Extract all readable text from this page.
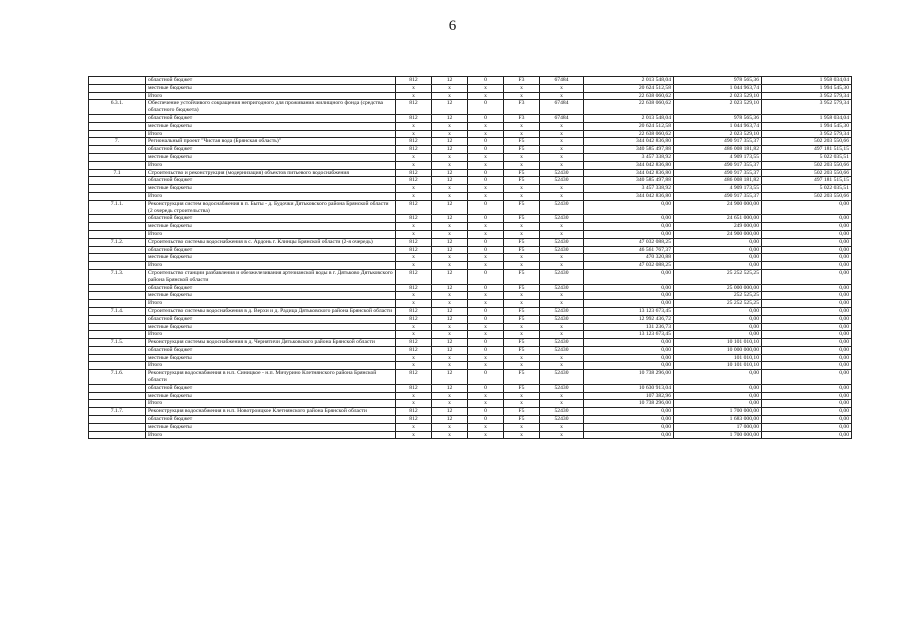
6
	областной бюджет	812	12	0	F3	67484	2 013 548,04	978 565,36	1 958 034,04
	местные бюджеты	x	x	x	x	x	20 624 512,58	1 044 963,74	1 994 545,30
	Итого	x	x	x	x	x	22 638 060,62	2 023 529,10	3 952 579,34
6.3.1.	Обеспечение устойчивого сокращения непригодного для проживания жилищного фонда (средства областного бюджета)	812	12	0	F3	67484	22 638 060,62	2 023 529,10	3 952 579,34
	областной бюджет	812	12	0	F3	67484	2 013 548,04	978 565,36	1 958 034,04
	местные бюджеты	x	x	x	x	x	20 624 512,58	1 044 963,74	1 994 545,30
	Итого	x	x	x	x	x	22 638 060,62	2 023 529,10	3 952 579,34
7.	Региональный проект "Чистая вода (Брянская область)"	812	12	0	F5	x	344 042 836,80	490 917 355,37	502 203 550,66
	областной бюджет	812	12	0	F5	x	340 585 497,88	486 008 181,82	497 181 515,15
	местные бюджеты	x	x	x	x	x	3 457 338,92	4 909 173,55	5 022 035,51
	Итого	x	x	x	x	x	344 042 836,80	490 917 355,37	502 203 550,66
7.1	Строительство и реконструкция (модернизация) объектов питьевого водоснабжения	812	12	0	F5	52430	344 042 836,80	490 917 355,37	502 203 550,66
	областной бюджет	812	12	0	F5	52430	340 585 497,88	486 008 181,82	497 181 515,15
	местные бюджеты	x	x	x	x	x	3 457 338,92	4 909 173,55	5 022 035,51
	Итого	x	x	x	x	x	344 042 836,80	490 917 355,37	502 203 550,66
7.1.1.	Реконструкция систем водоснабжения в п. Быты - д. Будочки Дятьковского района Брянской области (2 очередь строительства)	812	12	0	F5	52430	0,00	24 900 000,00	0,00
	областной бюджет	812	12	0	F5	52430	0,00	24 651 000,00	0,00
	местные бюджеты	x	x	x	x	x	0,00	249 000,00	0,00
	Итого	x	x	x	x	x	0,00	24 900 000,00	0,00
7.1.2.	Строительство системы водоснабжения в с. Ардонь г. Клинцы Брянской области (2-я очередь)	812	12	0	F5	52430	47 032 088,25	0,00	0,00
	областной бюджет	812	12	0	F5	52430	46 561 767,37	0,00	0,00
	местные бюджеты	x	x	x	x	x	470 320,88	0,00	0,00
	Итого	x	x	x	x	x	47 032 088,25	0,00	0,00
7.1.3.	Строительство станции разбавления и обезжелезивания артезианской воды в г. Дятьково Дятьковского района Брянской области	812	12	0	F5	52430	0,00	25 252 525,25	0,00
	областной бюджет	812	12	0	F5	52430	0,00	25 000 000,00	0,00
	местные бюджеты	x	x	x	x	x	0,00	252 525,25	0,00
	Итого	x	x	x	x	x	0,00	25 252 525,25	0,00
7.1.4.	Строительство системы водоснабжения в д. Верхи и д. Радица Дятьковского района Брянской области	812	12	0	F5	52430	13 123 673,45	0,00	0,00
	областной бюджет	812	12	0	F5	52430	12 992 436,72	0,00	0,00
	местные бюджеты	x	x	x	x	x	131 236,73	0,00	0,00
	Итого	x	x	x	x	x	13 123 673,45	0,00	0,00
7.1.5.	Реконструкция системы водоснабжения в д. Чернятичи Дятьковского района Брянской области	812	12	0	F5	52430	0,00	10 101 010,10	0,00
	областной бюджет	812	12	0	F5	52430	0,00	10 000 000,00	0,00
	местные бюджеты	x	x	x	x	x	0,00	101 010,10	0,00
	Итого	x	x	x	x	x	0,00	10 101 010,10	0,00
7.1.6.	Реконструкция водоснабжения в н.п. Синицкое - н.п. Мичурино Клетнянского района Брянской области	812	12	0	F5	52430	10 738 296,00	0,00	0,00
	областной бюджет	812	12	0	F5	52430	10 630 913,04	0,00	0,00
	местные бюджеты	x	x	x	x	x	107 382,96	0,00	0,00
	Итого	x	x	x	x	x	10 738 296,00	0,00	0,00
7.1.7.	Реконструкция водоснабжения в н.п. Новотроицкое Клетнянского района Брянской области	812	12	0	F5	52430	0,00	1 700 000,00	0,00
	областной бюджет	812	12	0	F5	52430	0,00	1 683 000,00	0,00
	местные бюджеты	x	x	x	x	x	0,00	17 000,00	0,00
	Итого	x	x	x	x	x	0,00	1 700 000,00	0,00
